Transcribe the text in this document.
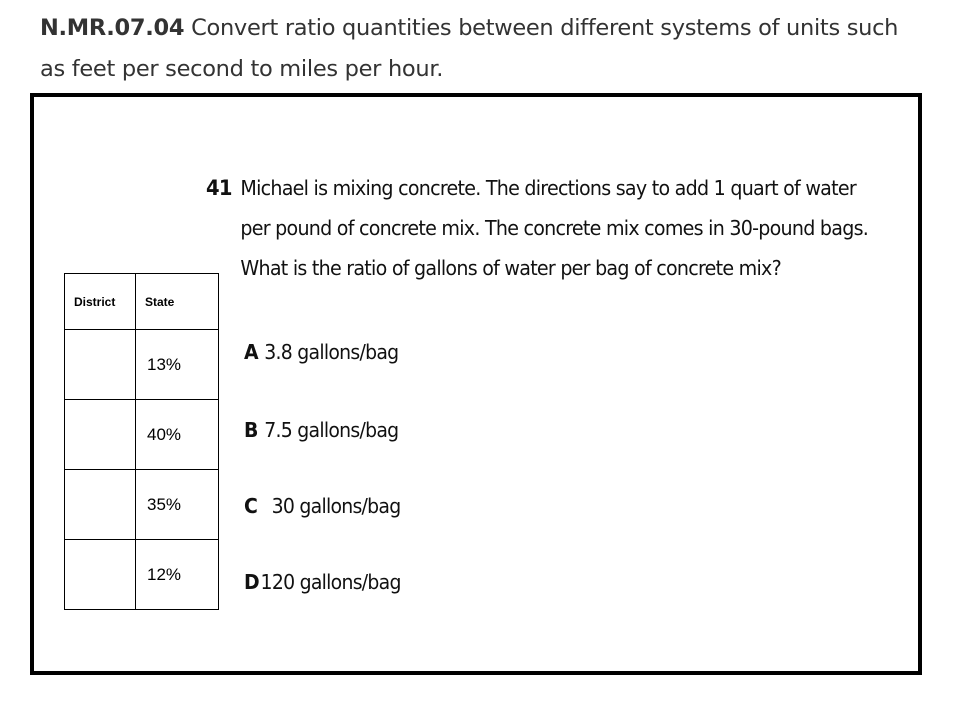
N.MR.07.04 Convert ratio quantities between different systems of units such as feet per second to miles per hour.
41 Michael is mixing concrete. The directions say to add 1 quart of water per pound of concrete mix. The concrete mix comes in 30-pound bags. What is the ratio of gallons of water per bag of concrete mix?
A 3.8 gallons/bag
B 7.5 gallons/bag
C 30 gallons/bag
D120 gallons/bag
District	State
	13%
	40%
	35%
	12%
